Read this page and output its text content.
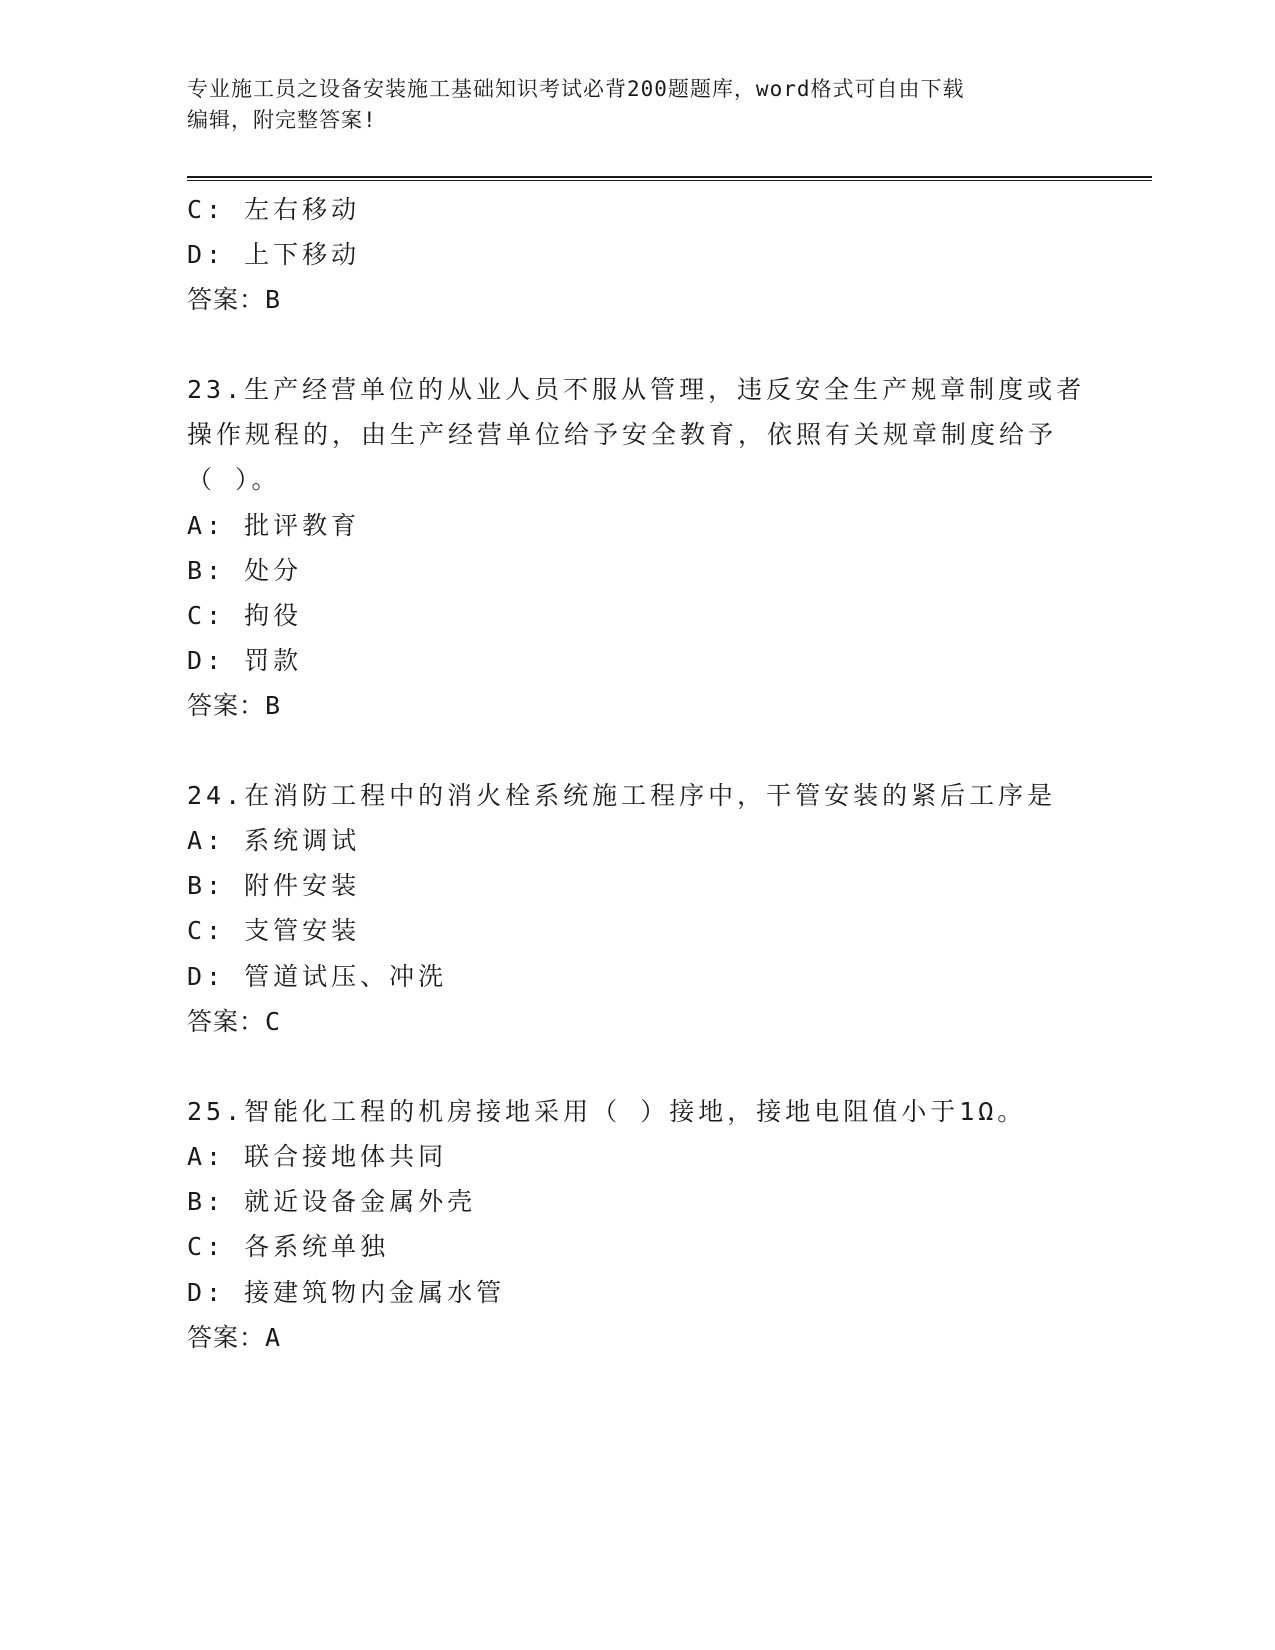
专业施工员之设备安装施工基础知识考试必背200题题库，word格式可自由下载
编辑，附完整答案!
C: 左右移动
D: 上下移动
答案：B
23.生产经营单位的从业人员不服从管理，违反安全生产规章制度或者
操作规程的，由生产经营单位给予安全教育，依照有关规章制度给予
（ ）。
A: 批评教育
B: 处分
C: 拘役
D: 罚款
答案：B
24.在消防工程中的消火栓系统施工程序中，干管安装的紧后工序是
A: 系统调试
B: 附件安装
C: 支管安装
D: 管道试压、冲洗
答案：C
25.智能化工程的机房接地采用（ ）接地，接地电阻值小于1Ω。
A: 联合接地体共同
B: 就近设备金属外壳
C: 各系统单独
D: 接建筑物内金属水管
答案：A
